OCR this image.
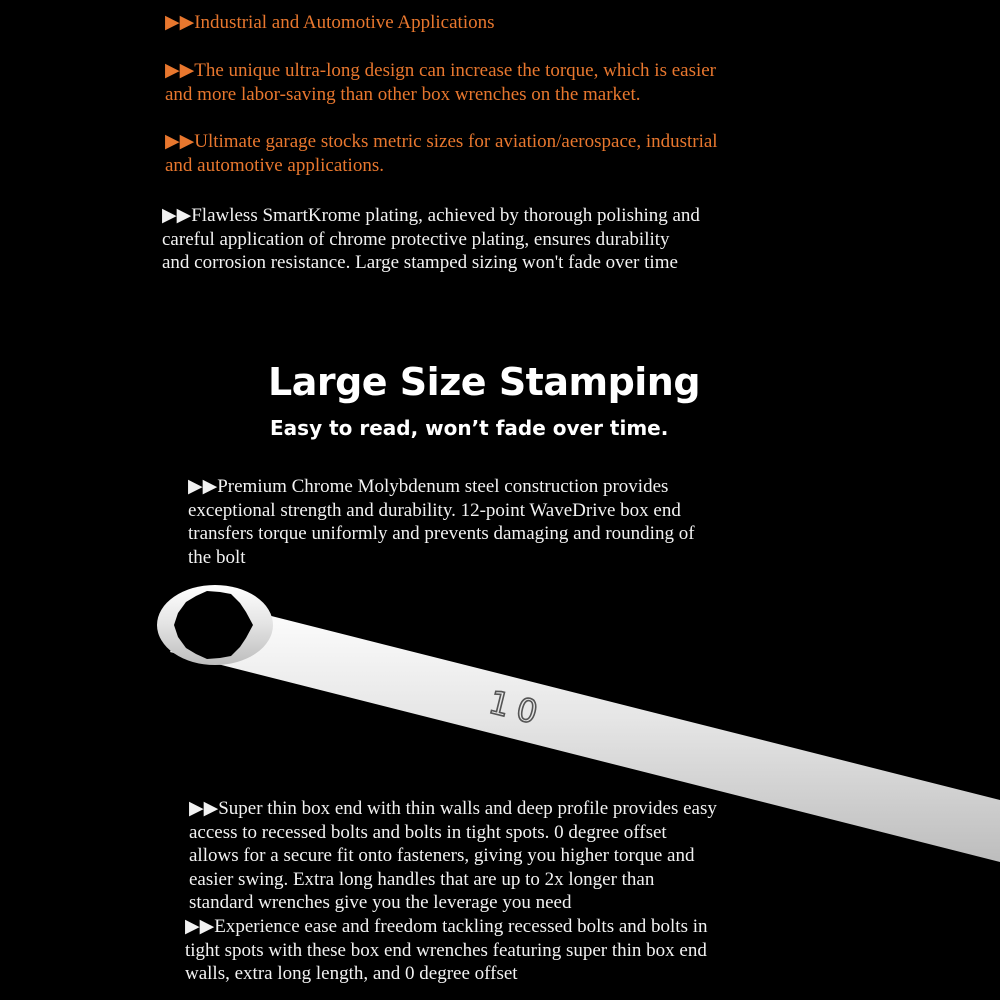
▶▶Industrial and Automotive Applications
▶▶The unique ultra-long design can increase the torque, which is easier
and more labor-saving than other box wrenches on the market.
▶▶Ultimate garage stocks metric sizes for aviation/aerospace, industrial
and automotive applications.
▶▶Flawless SmartKrome plating, achieved by thorough polishing and
careful application of chrome protective plating, ensures durability
and corrosion resistance. Large stamped sizing won't fade over time
Large Size Stamping
Easy to read, won’t fade over time.
▶▶Premium Chrome Molybdenum steel construction provides
exceptional strength and durability. 12-point WaveDrive box end
transfers torque uniformly and prevents damaging and rounding of
the bolt
10
▶▶Super thin box end with thin walls and deep profile provides easy
access to recessed bolts and bolts in tight spots. 0 degree offset
allows for a secure fit onto fasteners, giving you higher torque and
easier swing. Extra long handles that are up to 2x longer than
standard wrenches give you the leverage you need
▶▶Experience ease and freedom tackling recessed bolts and bolts in
tight spots with these box end wrenches featuring super thin box end
walls, extra long length, and 0 degree offset
